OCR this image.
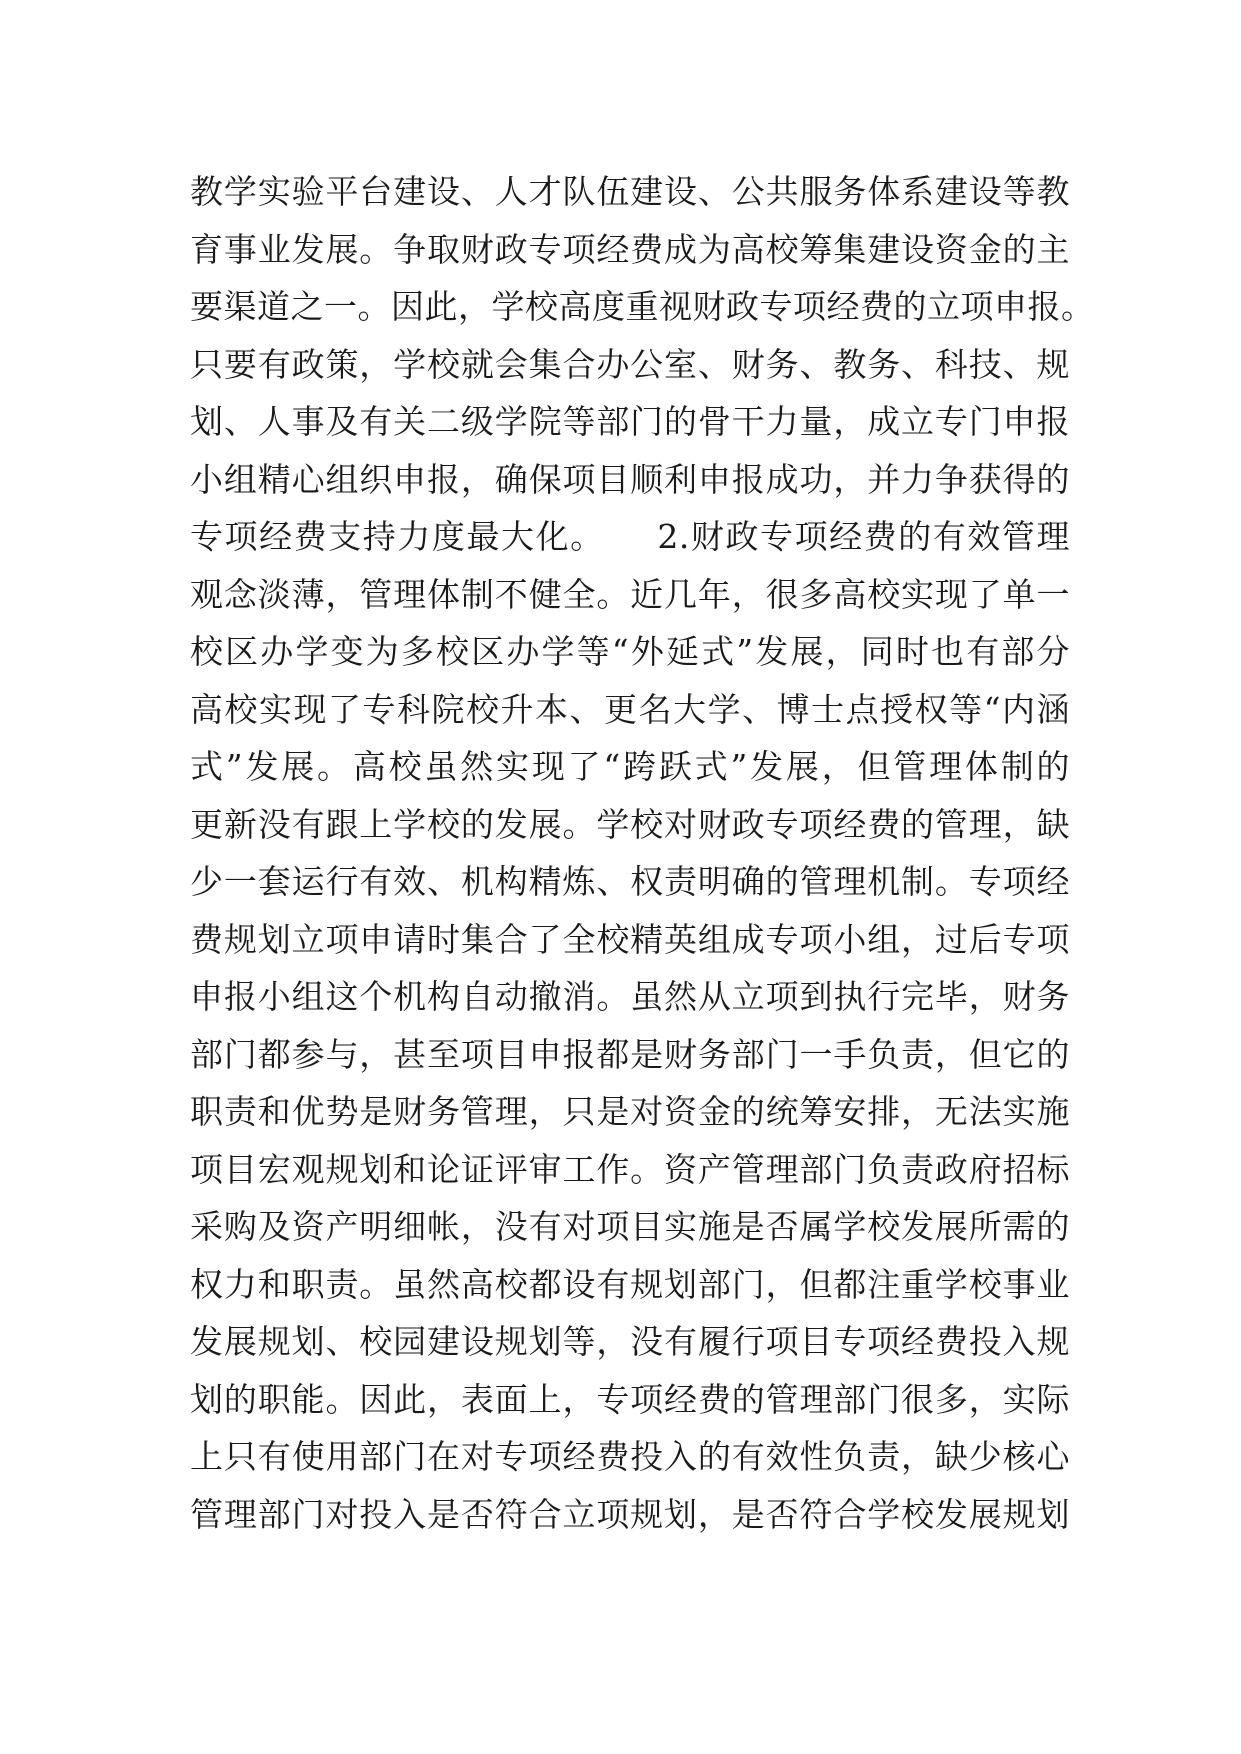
教学实验平台建设、人才队伍建设、公共服务体系建设等教
育事业发展。争取财政专项经费成为高校筹集建设资金的主
要渠道之一。因此，学校高度重视财政专项经费的立项申报。
只要有政策，学校就会集合办公室、财务、教务、科技、规
划、人事及有关二级学院等部门的骨干力量，成立专门申报
小组精心组织申报，确保项目顺利申报成功，并力争获得的
专项经费支持力度最大化。　　2.财政专项经费的有效管理
观念淡薄，管理体制不健全。近几年，很多高校实现了单一
校区办学变为多校区办学等“外延式”发展，同时也有部分
高校实现了专科院校升本、更名大学、博士点授权等“内涵
式”发展。高校虽然实现了“跨跃式”发展，但管理体制的
更新没有跟上学校的发展。学校对财政专项经费的管理，缺
少一套运行有效、机构精炼、权责明确的管理机制。专项经
费规划立项申请时集合了全校精英组成专项小组，过后专项
申报小组这个机构自动撤消。虽然从立项到执行完毕，财务
部门都参与，甚至项目申报都是财务部门一手负责，但它的
职责和优势是财务管理，只是对资金的统筹安排，无法实施
项目宏观规划和论证评审工作。资产管理部门负责政府招标
采购及资产明细帐，没有对项目实施是否属学校发展所需的
权力和职责。虽然高校都设有规划部门，但都注重学校事业
发展规划、校园建设规划等，没有履行项目专项经费投入规
划的职能。因此，表面上，专项经费的管理部门很多，实际
上只有使用部门在对专项经费投入的有效性负责，缺少核心
管理部门对投入是否符合立项规划，是否符合学校发展规划
